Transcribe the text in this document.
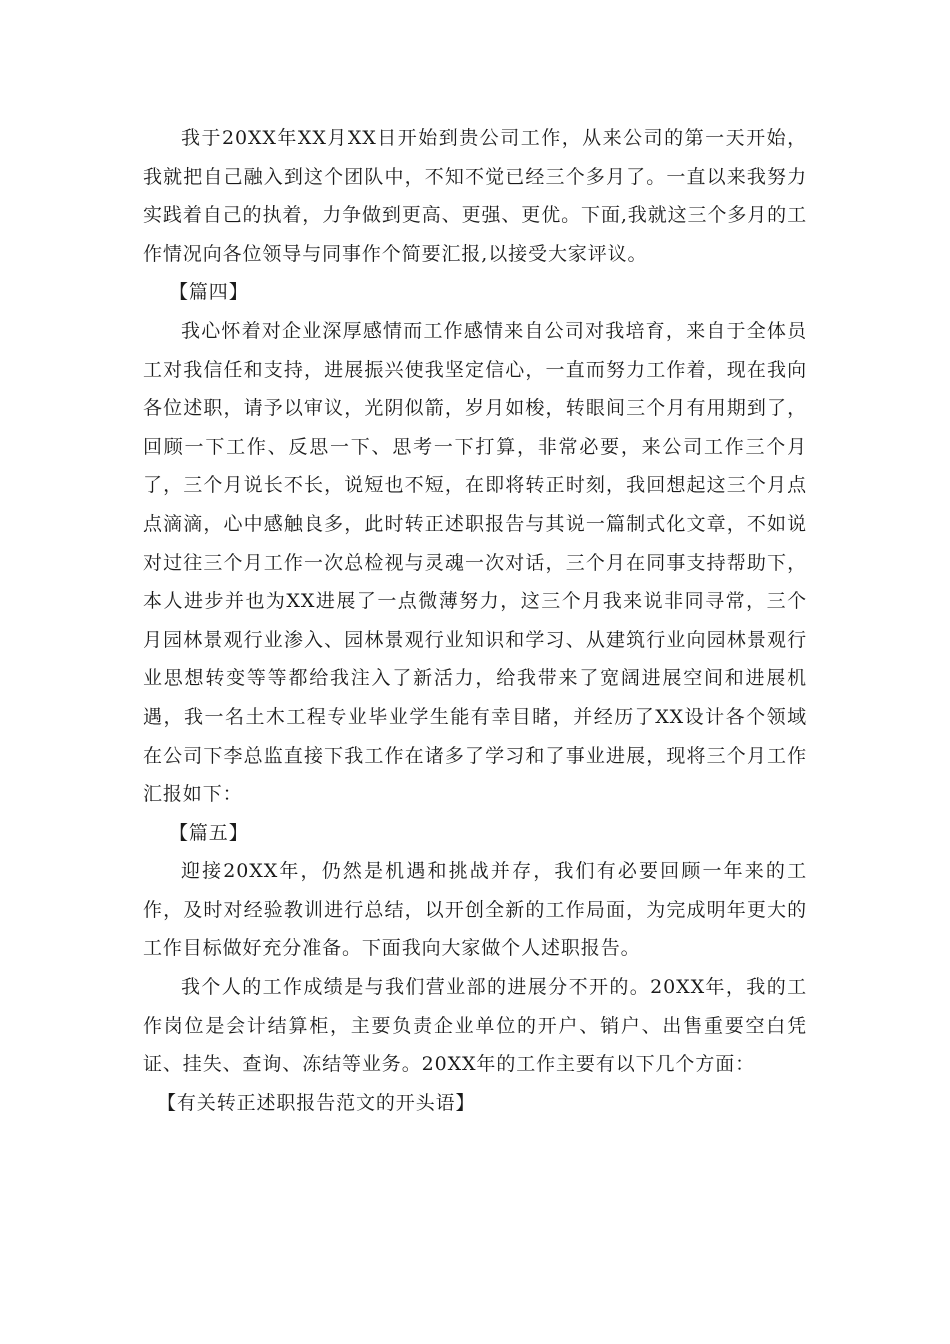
我于20XX年XX月XX日开始到贵公司工作，从来公司的第一天开始，我就把自己融入到这个团队中，不知不觉已经三个多月了。一直以来我努力实践着自己的执着，力争做到更高、更强、更优。下面,我就这三个多月的工作情况向各位领导与同事作个简要汇报,以接受大家评议。

【篇四】

我心怀着对企业深厚感情而工作感情来自公司对我培育，来自于全体员工对我信任和支持，进展振兴使我坚定信心，一直而努力工作着，现在我向各位述职，请予以审议，光阴似箭，岁月如梭，转眼间三个月有用期到了，回顾一下工作、反思一下、思考一下打算，非常必要，来公司工作三个月了，三个月说长不长，说短也不短，在即将转正时刻，我回想起这三个月点点滴滴，心中感触良多，此时转正述职报告与其说一篇制式化文章，不如说对过往三个月工作一次总检视与灵魂一次对话，三个月在同事支持帮助下，本人进步并也为XX进展了一点微薄努力，这三个月我来说非同寻常，三个月园林景观行业渗入、园林景观行业知识和学习、从建筑行业向园林景观行业思想转变等等都给我注入了新活力，给我带来了宽阔进展空间和进展机遇，我一名土木工程专业毕业学生能有幸目睹，并经历了XX设计各个领域在公司下李总监直接下我工作在诸多了学习和了事业进展，现将三个月工作汇报如下：

【篇五】

迎接20XX年，仍然是机遇和挑战并存，我们有必要回顾一年来的工作，及时对经验教训进行总结，以开创全新的工作局面，为完成明年更大的工作目标做好充分准备。下面我向大家做个人述职报告。

我个人的工作成绩是与我们营业部的进展分不开的。20XX年，我的工作岗位是会计结算柜，主要负责企业单位的开户、销户、出售重要空白凭证、挂失、查询、冻结等业务。20XX年的工作主要有以下几个方面：

【有关转正述职报告范文的开头语】
